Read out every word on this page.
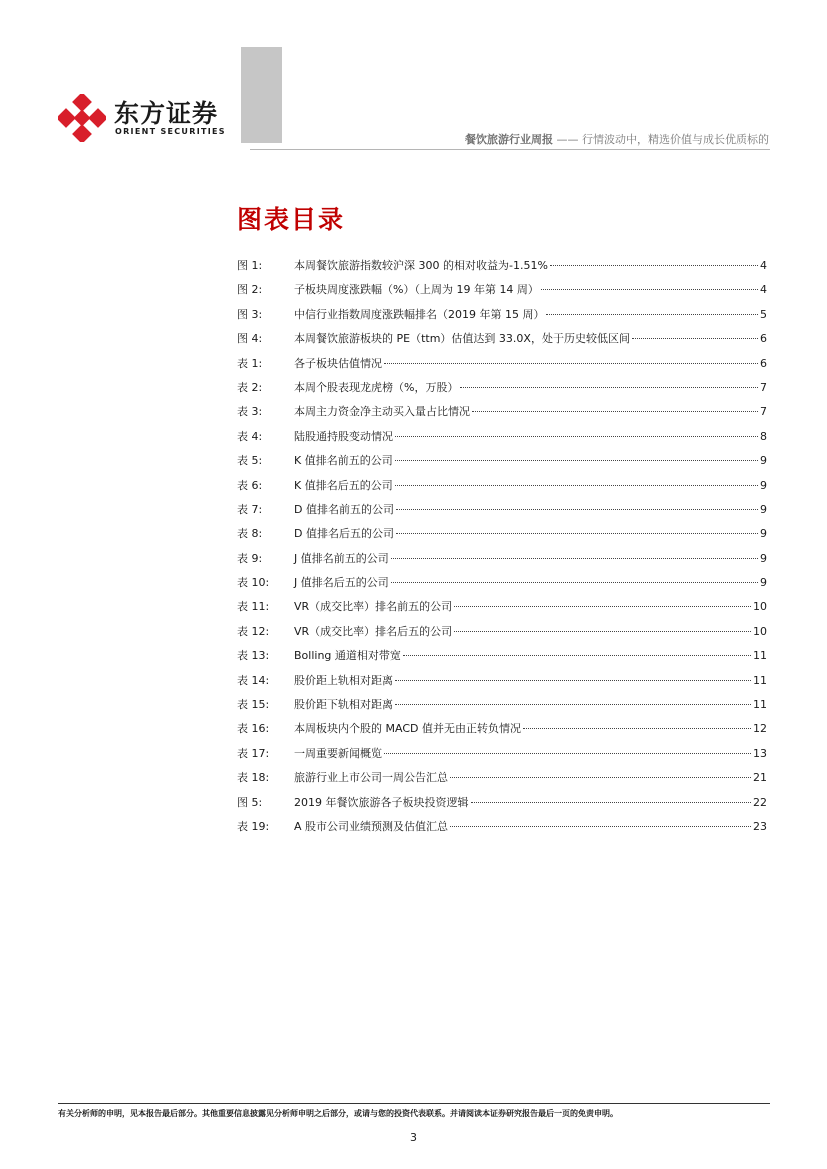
东方证券
ORIENT SECURITIES
餐饮旅游行业周报 —— 行情波动中，精选价值与成长优质标的
图表目录
图 1:	本周餐饮旅游指数较沪深 300 的相对收益为-1.51%	4
图 2:	子板块周度涨跌幅（%）（上周为 19 年第 14 周）	4
图 3:	中信行业指数周度涨跌幅排名（2019 年第 15 周）	5
图 4:	本周餐饮旅游板块的 PE（ttm）估值达到 33.0X，处于历史较低区间	6
表 1:	各子板块估值情况	6
表 2:	本周个股表现龙虎榜（%，万股）	7
表 3:	本周主力资金净主动买入量占比情况	7
表 4:	陆股通持股变动情况	8
表 5:	K 值排名前五的公司	9
表 6:	K 值排名后五的公司	9
表 7:	D 值排名前五的公司	9
表 8:	D 值排名后五的公司	9
表 9:	J 值排名前五的公司	9
表 10:	J 值排名后五的公司	9
表 11:	VR（成交比率）排名前五的公司	10
表 12:	VR（成交比率）排名后五的公司	10
表 13:	Bolling 通道相对带宽	11
表 14:	股价距上轨相对距离	11
表 15:	股价距下轨相对距离	11
表 16:	本周板块内个股的 MACD 值并无由正转负情况	12
表 17:	一周重要新闻概览	13
表 18:	旅游行业上市公司一周公告汇总	21
图 5:	2019 年餐饮旅游各子板块投资逻辑	22
表 19:	A 股市公司业绩预测及估值汇总	23
有关分析师的申明，见本报告最后部分。其他重要信息披露见分析师申明之后部分，或请与您的投资代表联系。并请阅读本证券研究报告最后一页的免责申明。
3
